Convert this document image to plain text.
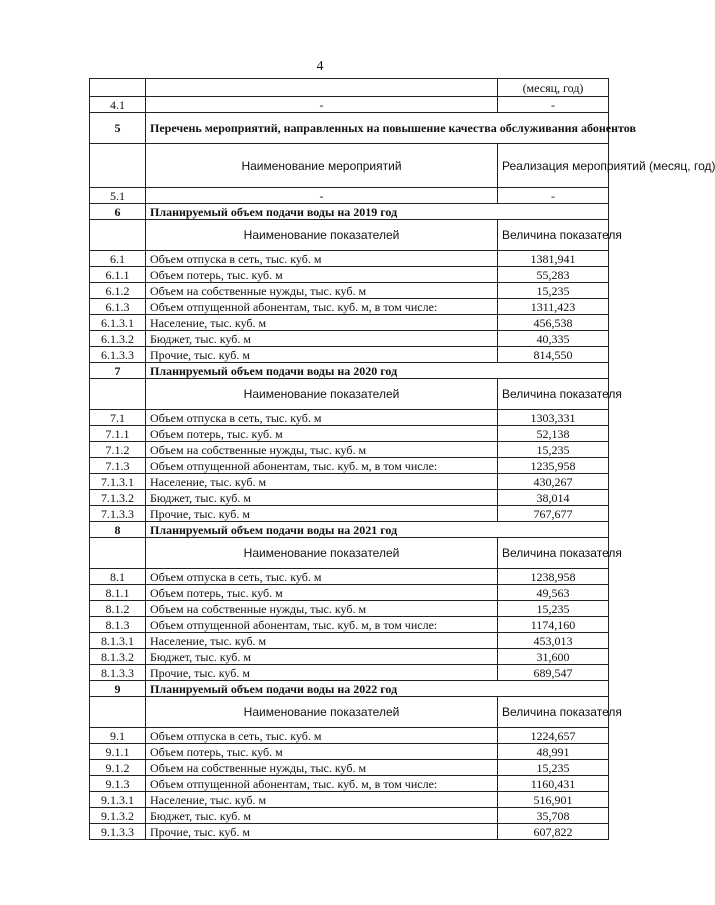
4
		(месяц, год)
4.1	-	-
5	Перечень мероприятий, направленных на повышение качества обслуживания абонентов	
	Наименование мероприятий	Реализация мероприятий (месяц, год)
5.1	-	-
6	Планируемый объем подачи воды на 2019 год	
	Наименование показателей	Величина показателя
6.1	Объем отпуска в сеть, тыс. куб. м	1381,941
6.1.1	Объем потерь, тыс. куб. м	55,283
6.1.2	Объем на собственные нужды, тыс. куб. м	15,235
6.1.3	Объем отпущенной абонентам, тыс. куб. м, в том числе:	1311,423
6.1.3.1	Население, тыс. куб. м	456,538
6.1.3.2	Бюджет, тыс. куб. м	40,335
6.1.3.3	Прочие, тыс. куб. м	814,550
7	Планируемый объем подачи воды на 2020 год	
	Наименование показателей	Величина показателя
7.1	Объем отпуска в сеть, тыс. куб. м	1303,331
7.1.1	Объем потерь, тыс. куб. м	52,138
7.1.2	Объем на собственные нужды, тыс. куб. м	15,235
7.1.3	Объем отпущенной абонентам, тыс. куб. м, в том числе:	1235,958
7.1.3.1	Население, тыс. куб. м	430,267
7.1.3.2	Бюджет, тыс. куб. м	38,014
7.1.3.3	Прочие, тыс. куб. м	767,677
8	Планируемый объем подачи воды на 2021 год	
	Наименование показателей	Величина показателя
8.1	Объем отпуска в сеть, тыс. куб. м	1238,958
8.1.1	Объем потерь, тыс. куб. м	49,563
8.1.2	Объем на собственные нужды, тыс. куб. м	15,235
8.1.3	Объем отпущенной абонентам, тыс. куб. м, в том числе:	1174,160
8.1.3.1	Население, тыс. куб. м	453,013
8.1.3.2	Бюджет, тыс. куб. м	31,600
8.1.3.3	Прочие, тыс. куб. м	689,547
9	Планируемый объем подачи воды на 2022 год	
	Наименование показателей	Величина показателя
9.1	Объем отпуска в сеть, тыс. куб. м	1224,657
9.1.1	Объем потерь, тыс. куб. м	48,991
9.1.2	Объем на собственные нужды, тыс. куб. м	15,235
9.1.3	Объем отпущенной абонентам, тыс. куб. м, в том числе:	1160,431
9.1.3.1	Население, тыс. куб. м	516,901
9.1.3.2	Бюджет, тыс. куб. м	35,708
9.1.3.3	Прочие, тыс. куб. м	607,822
